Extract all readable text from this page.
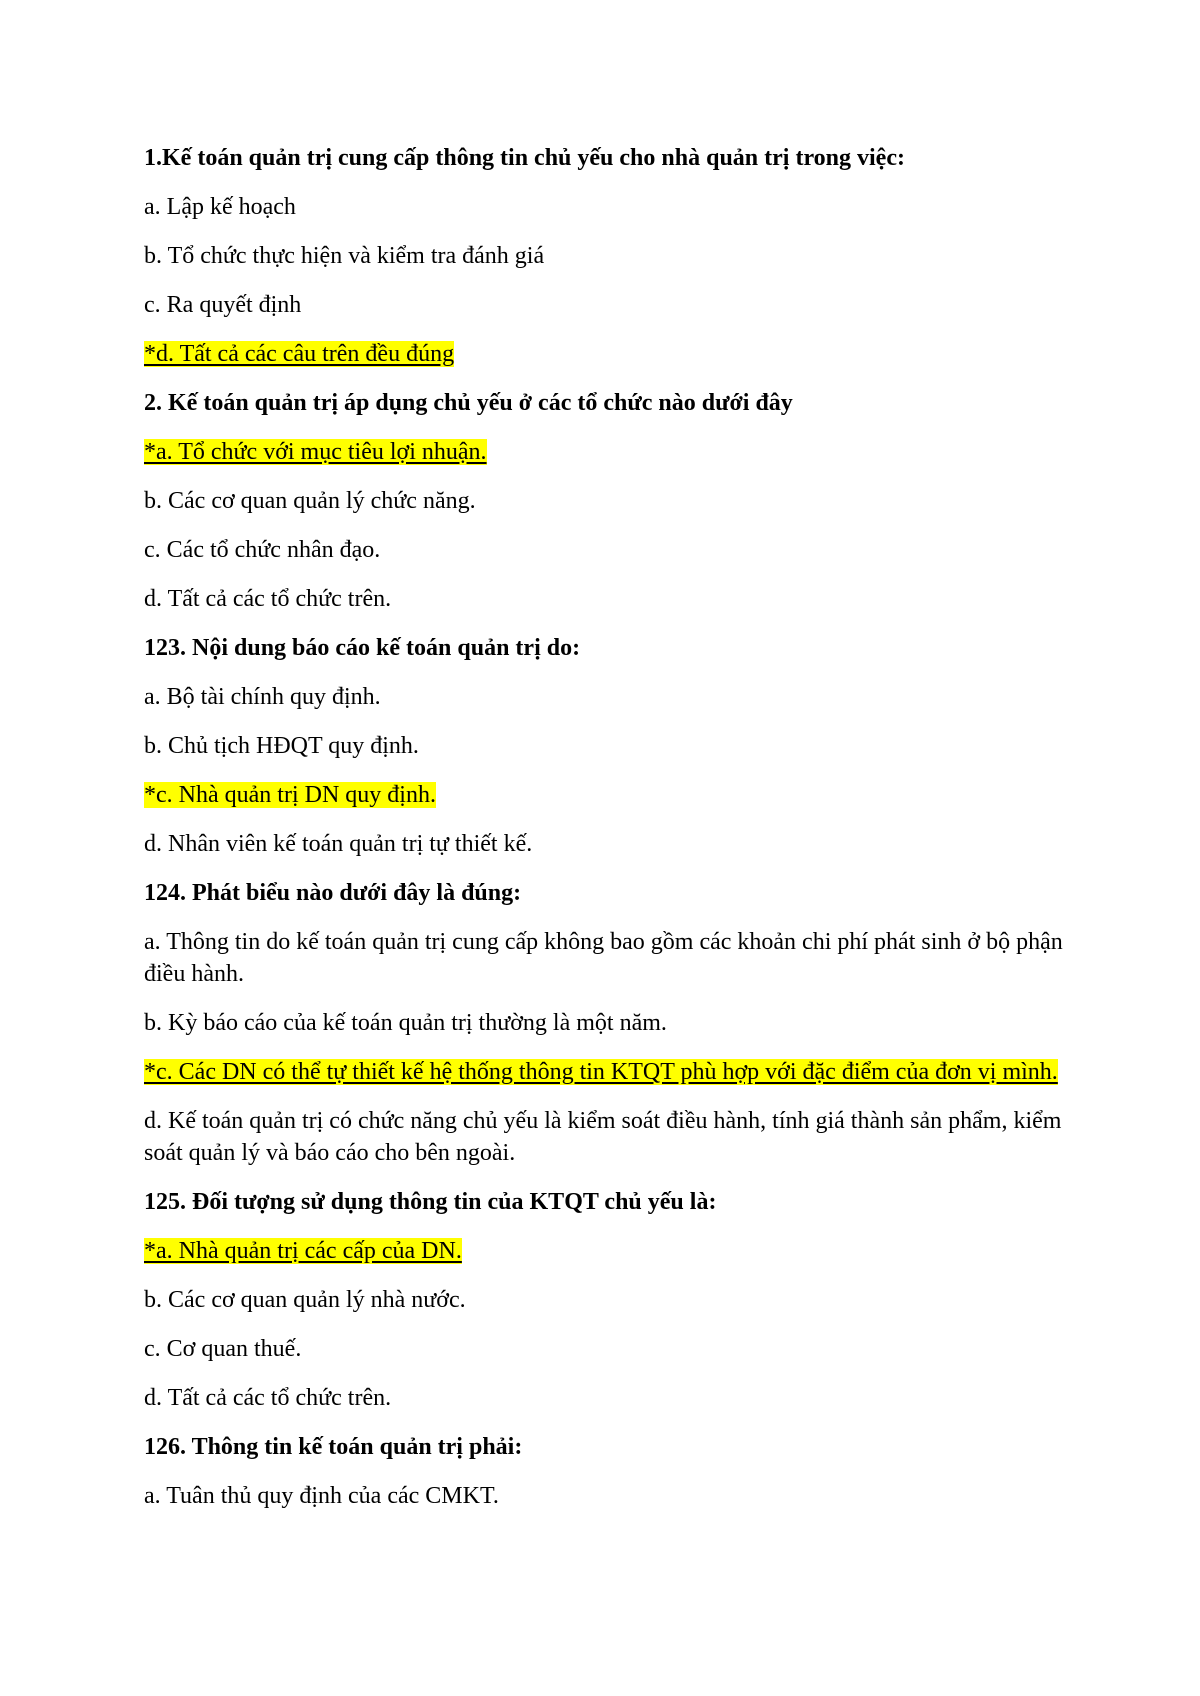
1.Kế toán quản trị cung cấp thông tin chủ yếu cho nhà quản trị trong việc:

a. Lập kế hoạch

b. Tổ chức thực hiện và kiểm tra đánh giá

c. Ra quyết định

*d. Tất cả các câu trên đều đúng

2. Kế toán quản trị áp dụng chủ yếu ở các tổ chức nào dưới đây

*a. Tổ chức với mục tiêu lợi nhuận.

b. Các cơ quan quản lý chức năng.

c. Các tổ chức nhân đạo.

d. Tất cả các tổ chức trên.

123. Nội dung báo cáo kế toán quản trị do:

a. Bộ tài chính quy định.

b. Chủ tịch HĐQT quy định.

*c. Nhà quản trị DN quy định.

d. Nhân viên kế toán quản trị tự thiết kế.

124. Phát biểu nào dưới đây là đúng:

a. Thông tin do kế toán quản trị cung cấp không bao gồm các khoản chi phí phát sinh ở bộ phận điều hành.

b. Kỳ báo cáo của kế toán quản trị thường là một năm.

*c. Các DN có thể tự thiết kế hệ thống thông tin KTQT phù hợp với đặc điểm của đơn vị mình.

d. Kế toán quản trị có chức năng chủ yếu là kiểm soát điều hành, tính giá thành sản phẩm, kiểm soát quản lý và báo cáo cho bên ngoài.

125. Đối tượng sử dụng thông tin của KTQT chủ yếu là:

*a. Nhà quản trị các cấp của DN.

b. Các cơ quan quản lý nhà nước.

c. Cơ quan thuế.

d. Tất cả các tổ chức trên.

126. Thông tin kế toán quản trị phải:

a. Tuân thủ quy định của các CMKT.
